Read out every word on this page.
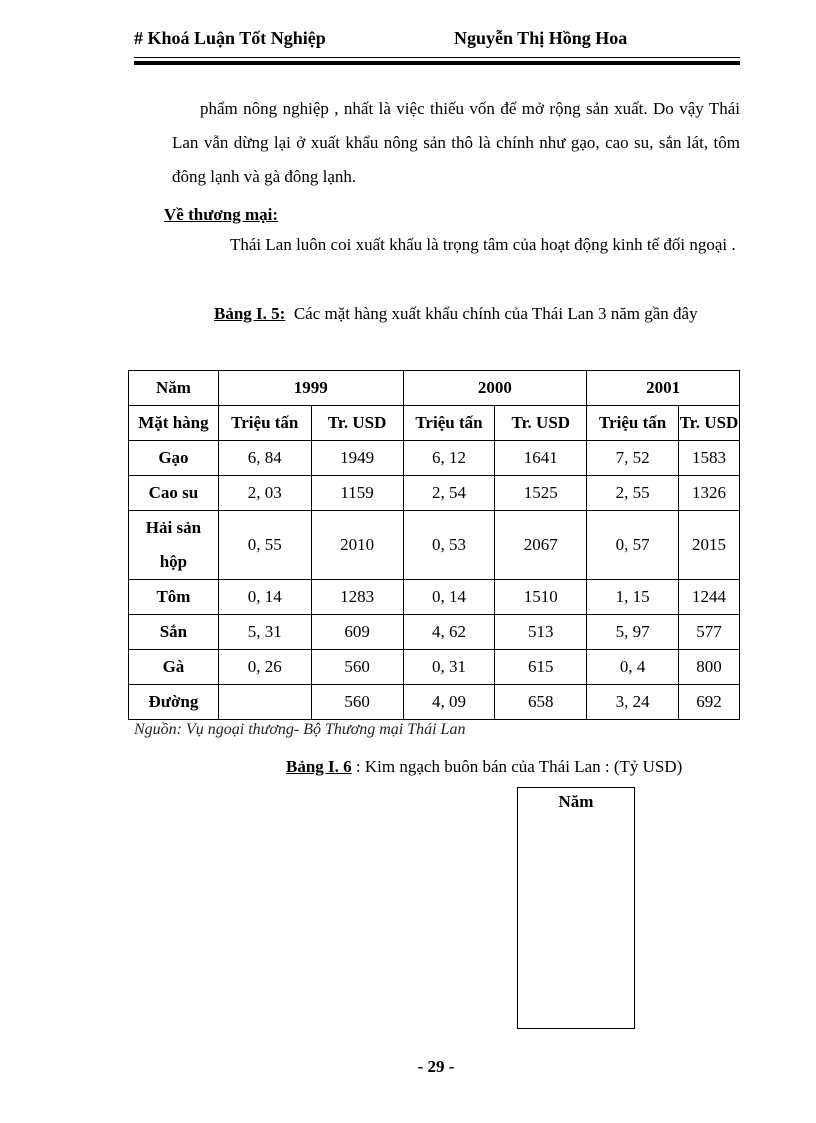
# Khoá Luận Tốt Nghiệp	Nguyễn Thị Hồng Hoa
phẩm nông nghiệp , nhất là việc thiếu vốn để mở rộng sản xuất. Do vậy Thái Lan vẫn dừng lại ở xuất khẩu nông sản thô là chính như gạo, cao su, sắn lát, tôm đông lạnh và gà đông lạnh.
Về thương mại:
Thái Lan luôn coi xuất khẩu là trọng tâm của hoạt động kinh tế đối ngoại .
Bảng I. 5: Các mặt hàng xuất khẩu chính của Thái Lan 3 năm gần đây
Năm	1999		2000		2001	
Mặt hàng	Triệu tấn	Tr. USD	Triệu tấn	Tr. USD	Triệu tấn	Tr. USD
Gạo	6, 84	1949	6, 12	1641	7, 52	1583
Cao su	2, 03	1159	2, 54	1525	2, 55	1326
Hải sản hộp	0, 55	2010	0, 53	2067	0, 57	2015
Tôm	0, 14	1283	0, 14	1510	1, 15	1244
Sắn	5, 31	609	4, 62	513	5, 97	577
Gà	0, 26	560	0, 31	615	0, 4	800
Đường		560	4, 09	658	3, 24	692
Nguồn: Vụ ngoại thương- Bộ Thương mại Thái Lan
Bảng I. 6 : Kim ngạch buôn bán của Thái Lan : (Tỷ USD)
Năm
- 29 -
